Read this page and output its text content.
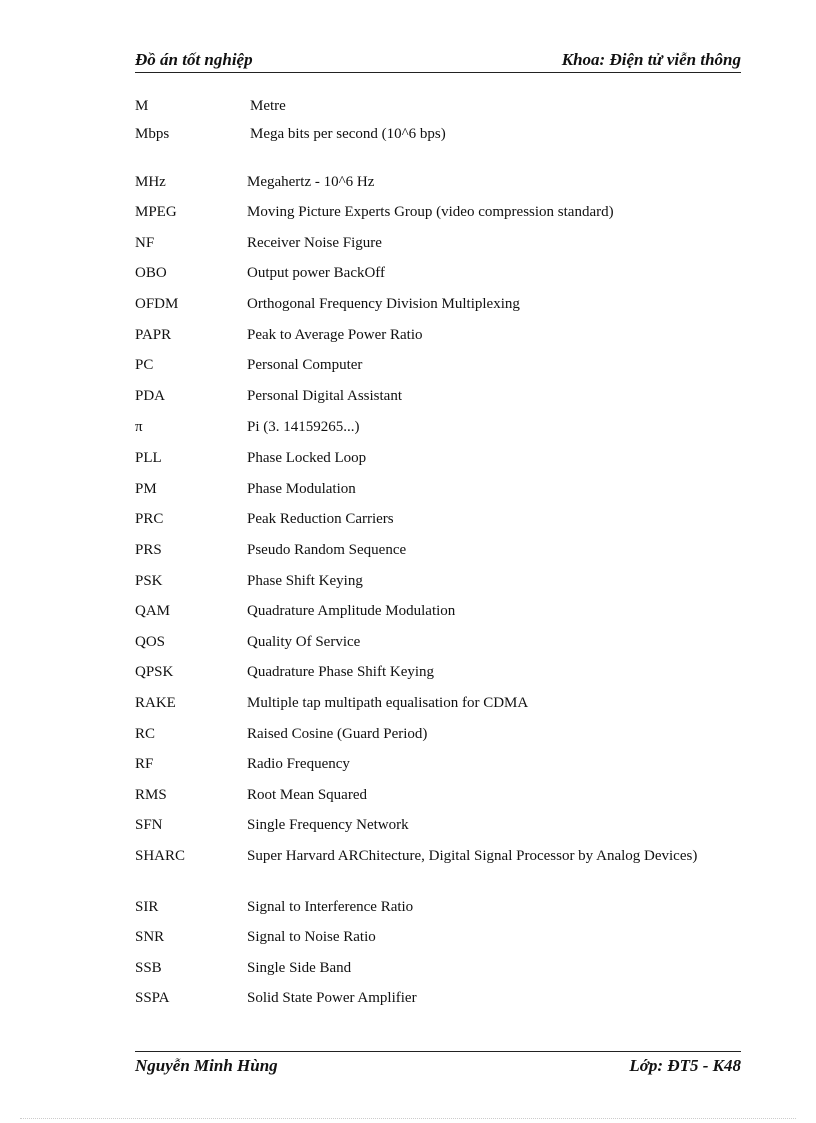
Đồ án tốt nghiệp	Khoa: Điện tử viễn thông
M	Metre
Mbps	Mega bits per second (10^6 bps)
MHz	Megahertz - 10^6 Hz
MPEG	Moving Picture Experts Group (video compression standard)
NF	Receiver Noise Figure
OBO	Output power BackOff
OFDM	Orthogonal Frequency Division Multiplexing
PAPR	Peak to Average Power Ratio
PC	Personal Computer
PDA	Personal Digital Assistant
π	Pi (3. 14159265...)
PLL	Phase Locked Loop
PM	Phase Modulation
PRC	Peak Reduction Carriers
PRS	Pseudo Random Sequence
PSK	Phase Shift Keying
QAM	Quadrature Amplitude Modulation
QOS	Quality Of Service
QPSK	Quadrature Phase Shift Keying
RAKE	Multiple tap multipath equalisation for CDMA
RC	Raised Cosine (Guard Period)
RF	Radio Frequency
RMS	Root Mean Squared
SFN	Single Frequency Network
SHARC	Super Harvard ARChitecture, Digital Signal Processor by Analog Devices)
SIR	Signal to Interference Ratio
SNR	Signal to Noise Ratio
SSB	Single Side Band
SSPA	Solid State Power Amplifier
Nguyễn Minh Hùng	Lớp: ĐT5 - K48
